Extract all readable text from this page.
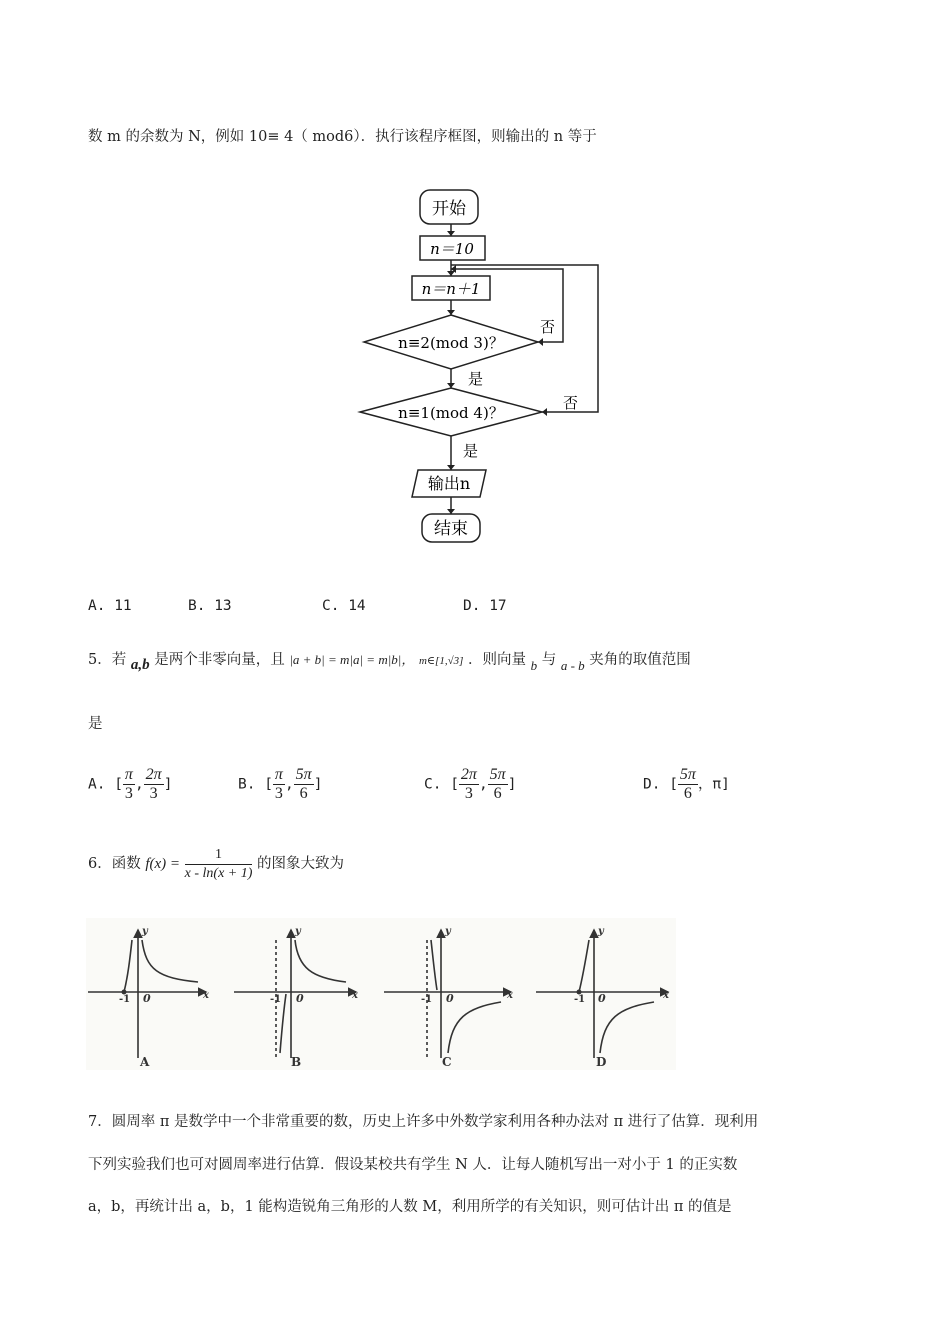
数 m 的余数为 N，例如 10≡ 4（ mod6）．执行该程序框图，则输出的 n 等于
开始
n＝10
n＝n＋1
n≡2(mod 3)？
n≡1(mod 4)？
输出n
结束
是
是
否
否
A. 11	B. 13	C. 14	D. 17
5．若 a,b 是两个非零向量，且 |a + b| = m|a| = m|b|， m∈[1,√3] ．则向量 b 与 a - b 夹角的取值范围
是
A. [ $\frac{\pi}{3}$ , $\frac{2\pi}{3}$ ]	B. [ $\frac{\pi}{3}$ , $\frac{5\pi}{6}$ ]	C. [ $\frac{2\pi}{3}$ , $\frac{5\pi}{6}$ ]	D. [ $\frac{5\pi}{6}$ ，π]
6．函数 $f(x) = \frac{1}{x - \ln(x + 1)}$ 的图象大致为
-1 0	x
y
A
-1 0	x
y
B
-1 0	x
y
C
-1 0	x
y
D
7．圆周率 π 是数学中一个非常重要的数，历史上许多中外数学家利用各种办法对 π 进行了估算．现利用
下列实验我们也可对圆周率进行估算．假设某校共有学生 N 人．让每人随机写出一对小于 1 的正实数
a，b，再统计出 a，b，1 能构造锐角三角形的人数 M，利用所学的有关知识，则可估计出 π 的值是
